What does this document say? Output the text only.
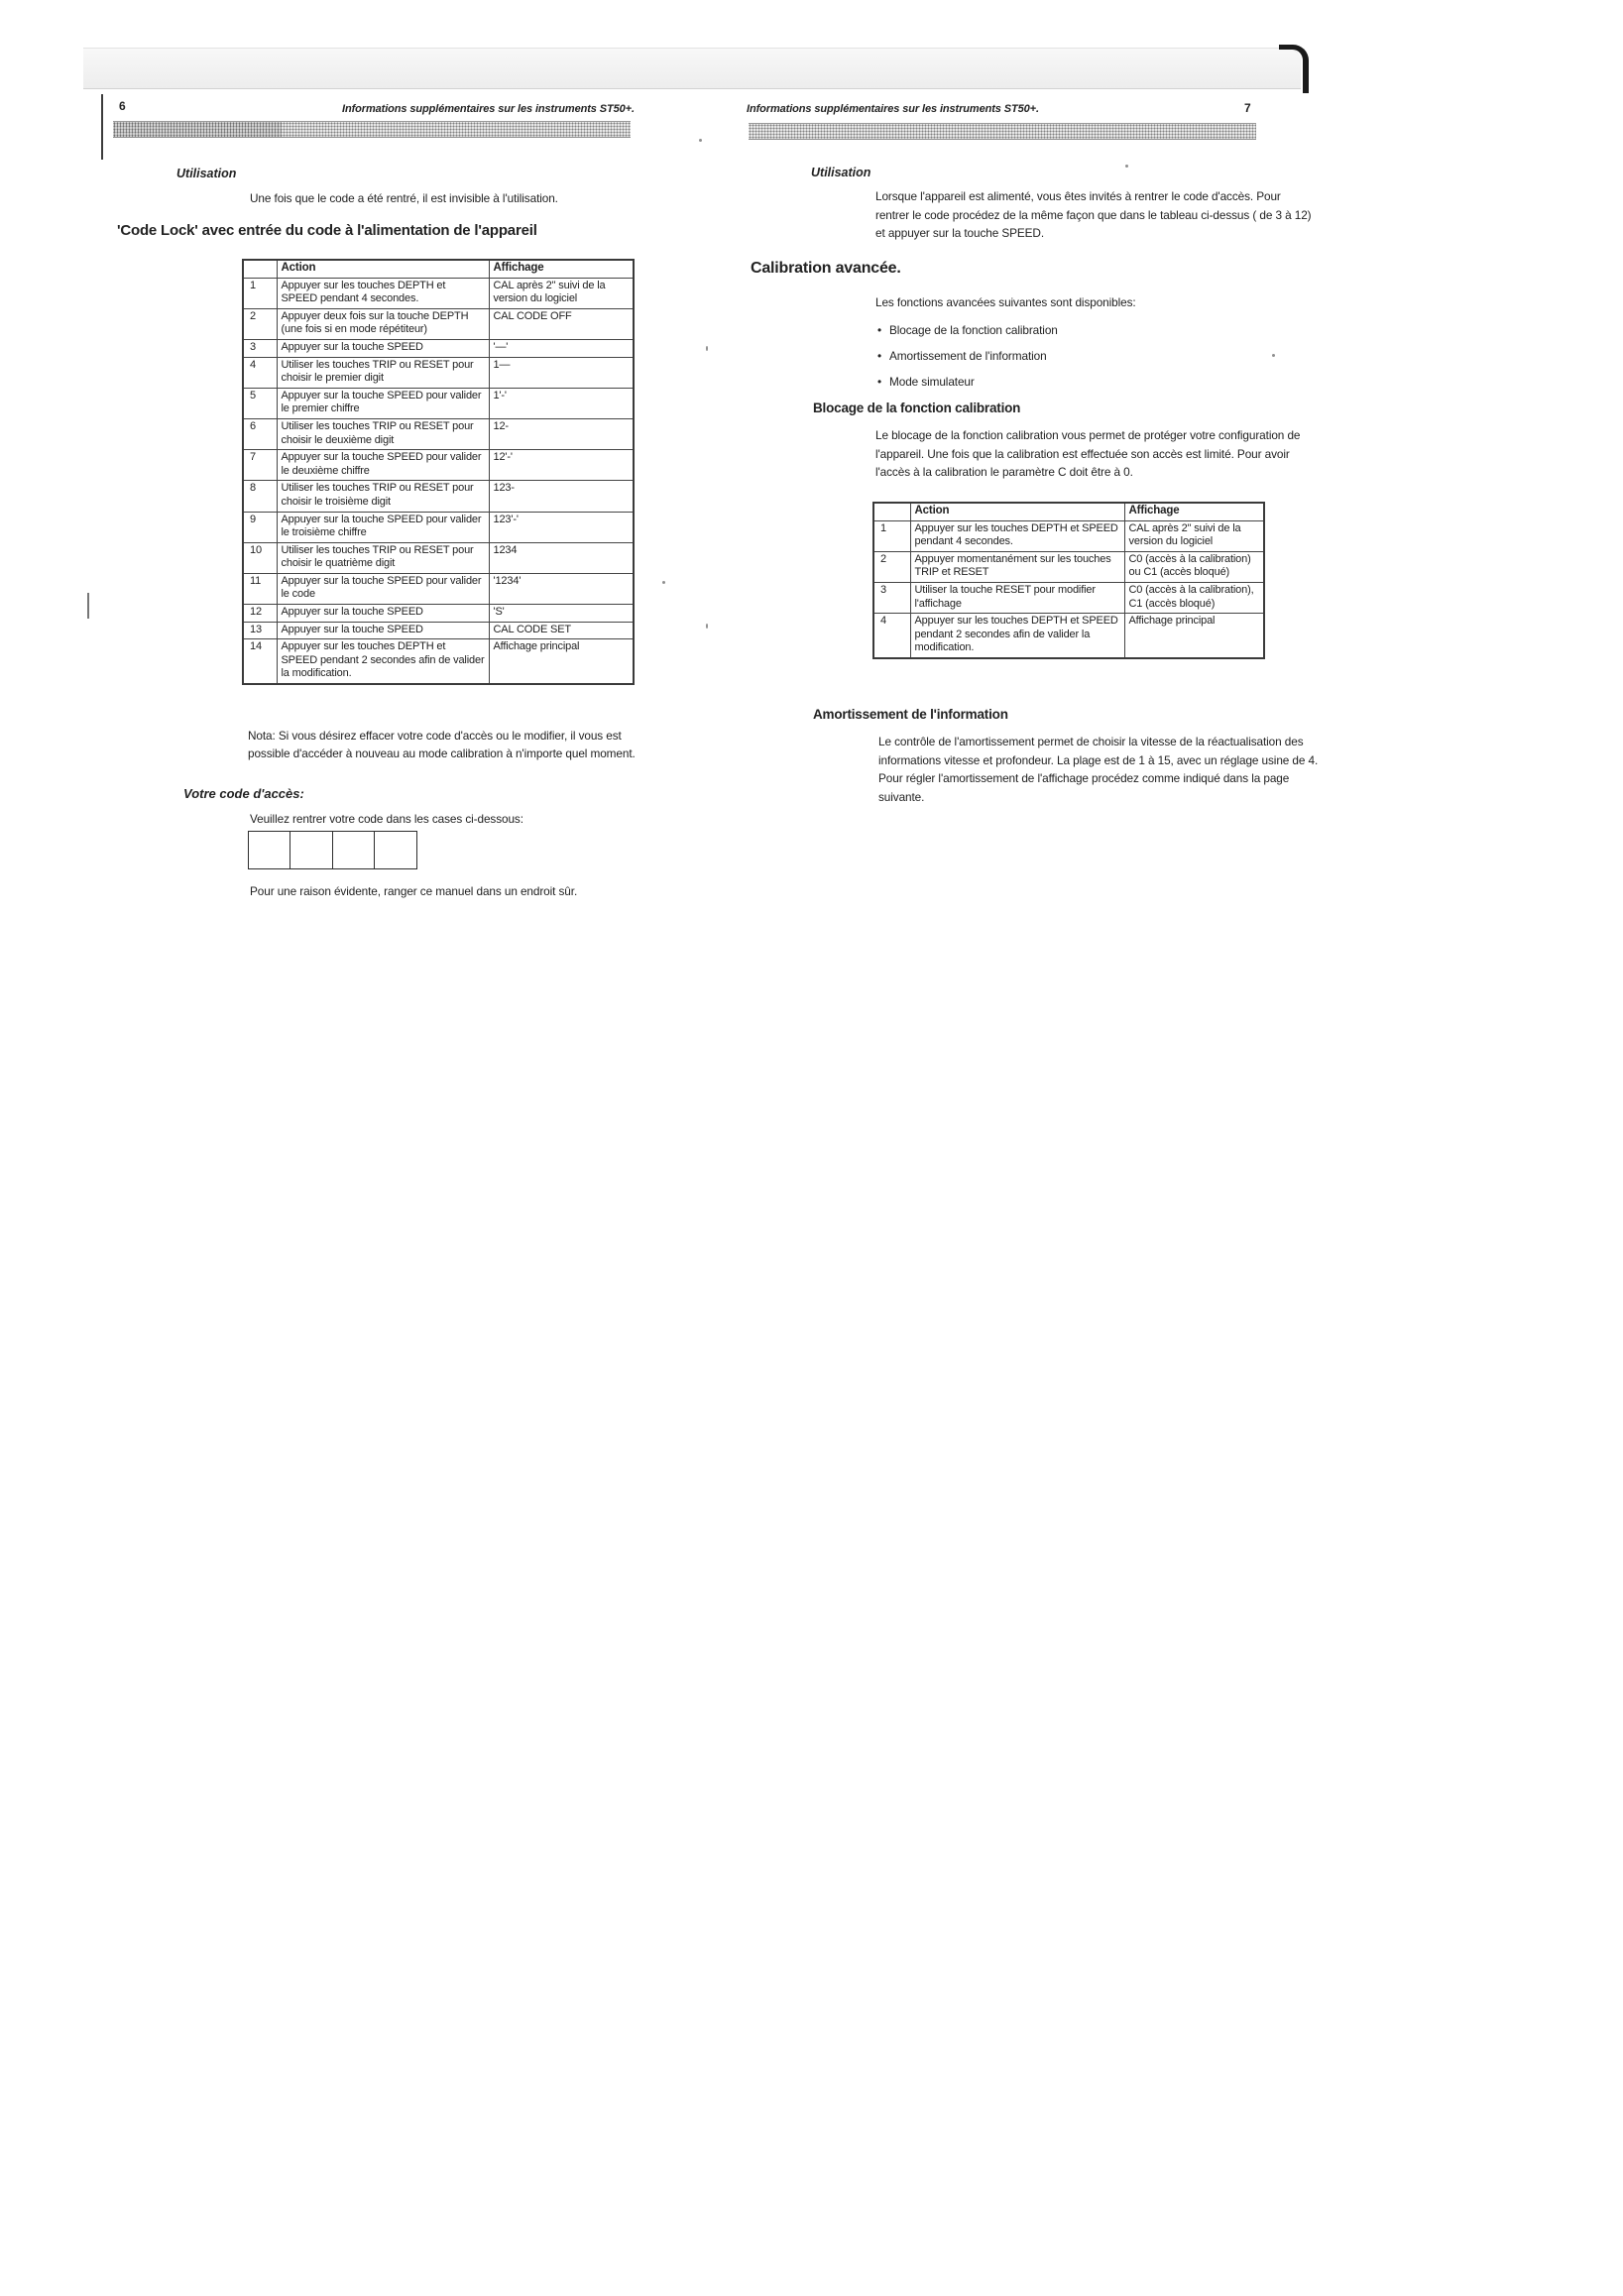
6	Informations supplémentaires sur les instruments ST50+.
Utilisation
Une fois que le code a été rentré, il est invisible à l'utilisation.
'Code Lock' avec entrée du code à l'alimentation de l'appareil
	Action	Affichage
1	Appuyer sur les touches DEPTH et SPEED pendant 4 secondes.	CAL après 2" suivi de la version du logiciel
2	Appuyer deux fois sur la touche DEPTH (une fois si en mode répétiteur)	CAL CODE OFF
3	Appuyer sur la touche SPEED	'—'
4	Utiliser les touches TRIP ou RESET pour choisir le premier digit	1—
5	Appuyer sur la touche SPEED pour valider le premier chiffre	1'-'
6	Utiliser les touches TRIP ou RESET pour choisir le deuxième digit	12-
7	Appuyer sur la touche SPEED pour valider le deuxième chiffre	12'-'
8	Utiliser les touches TRIP ou RESET pour choisir le troisième digit	123-
9	Appuyer sur la touche SPEED pour valider le troisième chiffre	123'-'
10	Utiliser les touches TRIP ou RESET pour choisir le quatrième digit	1234
11	Appuyer sur la touche SPEED pour valider le code	'1234'
12	Appuyer sur la touche SPEED	'S'
13	Appuyer sur la touche SPEED	CAL CODE SET
14	Appuyer sur les touches DEPTH et SPEED pendant 2 secondes afin de valider la modification.	Affichage principal
Nota: Si vous désirez effacer votre code d'accès ou le modifier, il vous est possible d'accéder à nouveau au mode calibration à n'importe quel moment.
Votre code d'accès:
Veuillez rentrer votre code dans les cases ci-dessous:
Pour une raison évidente, ranger ce manuel dans un endroit sûr.
Informations supplémentaires sur les instruments ST50+.	7
Utilisation
Lorsque l'appareil est alimenté, vous êtes invités à rentrer le code d'accès. Pour rentrer le code procédez de la même façon que dans le tableau ci-dessus ( de 3 à 12) et appuyer sur la touche SPEED.
Calibration avancée.
Les fonctions avancées suivantes sont disponibles:
• Blocage de la fonction calibration
• Amortissement de l'information
• Mode simulateur
Blocage de la fonction calibration
Le blocage de la fonction calibration vous permet de protéger votre configuration de l'appareil. Une fois que la calibration est effectuée son accès est limité. Pour avoir l'accès à la calibration le paramètre C doit être à 0.
	Action	Affichage
1	Appuyer sur les touches DEPTH et SPEED pendant 4 secondes.	CAL après 2" suivi de la version du logiciel
2	Appuyer momentanément sur les touches TRIP et RESET	C0 (accès à la calibration) ou C1 (accès bloqué)
3	Utiliser la touche RESET pour modifier l'affichage	C0 (accès à la calibration), C1 (accès bloqué)
4	Appuyer sur les touches DEPTH et SPEED pendant 2 secondes afin de valider la modification.	Affichage principal
Amortissement de l'information
Le contrôle de l'amortissement permet de choisir la vitesse de la réactualisation des informations vitesse et profondeur. La plage est de 1 à 15, avec un réglage usine de 4. Pour régler l'amortissement de l'affichage procédez comme indiqué dans la page suivante.
